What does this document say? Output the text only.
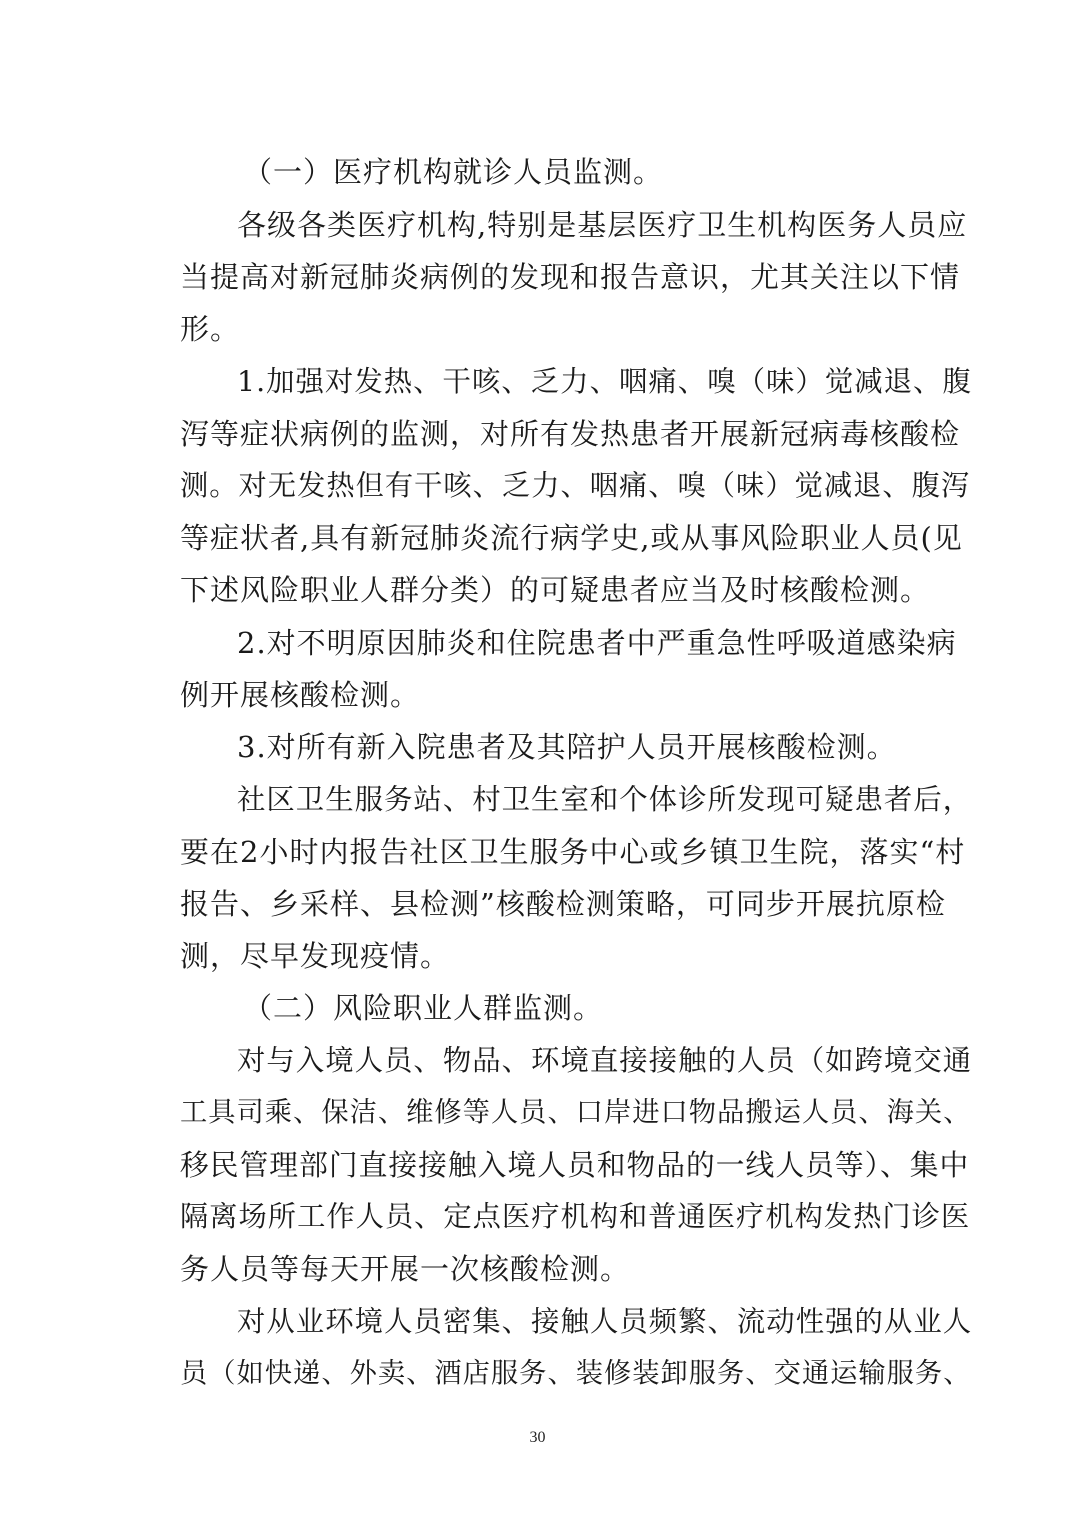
（一）医疗机构就诊人员监测。
各级各类医疗机构,特别是基层医疗卫生机构医务人员应
当提高对新冠肺炎病例的发现和报告意识，尤其关注以下情
形。
1.加强对发热、干咳、乏力、咽痛、嗅（味）觉减退、腹
泻等症状病例的监测，对所有发热患者开展新冠病毒核酸检
测。对无发热但有干咳、乏力、咽痛、嗅（味）觉减退、腹泻
等症状者,具有新冠肺炎流行病学史,或从事风险职业人员(见
下述风险职业人群分类）的可疑患者应当及时核酸检测。
2.对不明原因肺炎和住院患者中严重急性呼吸道感染病
例开展核酸检测。
3.对所有新入院患者及其陪护人员开展核酸检测。
社区卫生服务站、村卫生室和个体诊所发现可疑患者后，
要在2小时内报告社区卫生服务中心或乡镇卫生院，落实“村
报告、乡采样、县检测”核酸检测策略，可同步开展抗原检
测，尽早发现疫情。
（二）风险职业人群监测。
对与入境人员、物品、环境直接接触的人员（如跨境交通
工具司乘、保洁、维修等人员、口岸进口物品搬运人员、海关、
移民管理部门直接接触入境人员和物品的一线人员等）、集中
隔离场所工作人员、定点医疗机构和普通医疗机构发热门诊医
务人员等每天开展一次核酸检测。
对从业环境人员密集、接触人员频繁、流动性强的从业人
员（如快递、外卖、酒店服务、装修装卸服务、交通运输服务、
30
